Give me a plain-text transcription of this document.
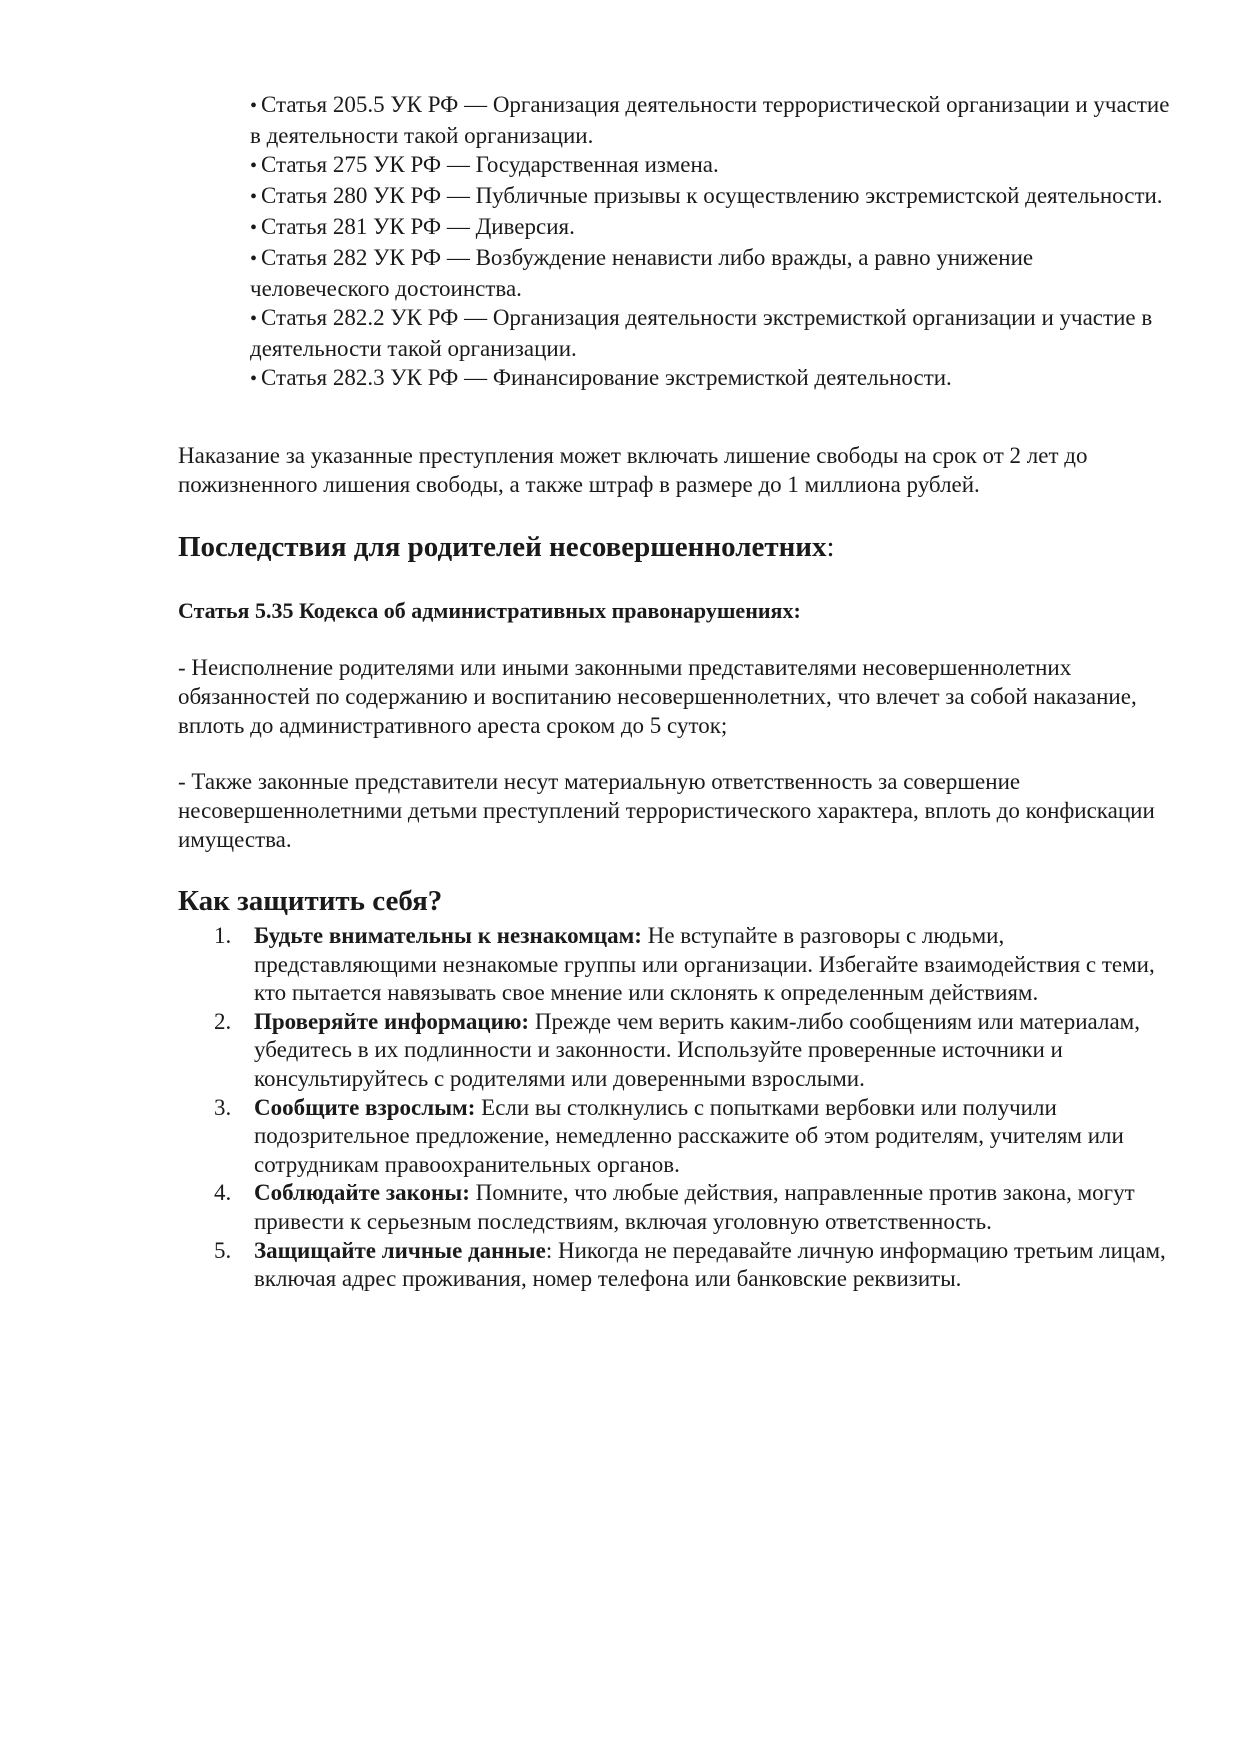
• Статья 205.5 УК РФ — Организация деятельности террористической организации и участие в деятельности такой организации.
• Статья 275 УК РФ — Государственная измена.
• Статья 280 УК РФ — Публичные призывы к осуществлению экстремистской деятельности.
• Статья 281 УК РФ — Диверсия.
• Статья 282 УК РФ — Возбуждение ненависти либо вражды, а равно унижение человеческого достоинства.
• Статья 282.2 УК РФ — Организация деятельности экстремисткой организации и участие в деятельности такой организации.
• Статья 282.3 УК РФ — Финансирование экстремисткой деятельности.

Наказание за указанные преступления может включать лишение свободы на срок от 2 лет до пожизненного лишения свободы, а также штраф в размере до 1 миллиона рублей.

Последствия для родителей несовершеннолетних:
Статья 5.35 Кодекса об административных правонарушениях:

- Неисполнение родителями или иными законными представителями несовершеннолетних обязанностей по содержанию и воспитанию несовершеннолетних, что влечет за собой наказание, вплоть до административного ареста сроком до 5 суток;

- Также законные представители несут материальную ответственность за совершение несовершеннолетними детьми преступлений террористического характера, вплоть до конфискации имущества.

Как защитить себя?
1. Будьте внимательны к незнакомцам: Не вступайте в разговоры с людьми, представляющими незнакомые группы или организации. Избегайте взаимодействия с теми, кто пытается навязывать свое мнение или склонять к определенным действиям.
2. Проверяйте информацию: Прежде чем верить каким-либо сообщениям или материалам, убедитесь в их подлинности и законности. Используйте проверенные источники и консультируйтесь с родителями или доверенными взрослыми.
3. Сообщите взрослым: Если вы столкнулись с попытками вербовки или получили подозрительное предложение, немедленно расскажите об этом родителям, учителям или сотрудникам правоохранительных органов.
4. Соблюдайте законы: Помните, что любые действия, направленные против закона, могут привести к серьезным последствиям, включая уголовную ответственность.
5. Защищайте личные данные: Никогда не передавайте личную информацию третьим лицам, включая адрес проживания, номер телефона или банковские реквизиты.
